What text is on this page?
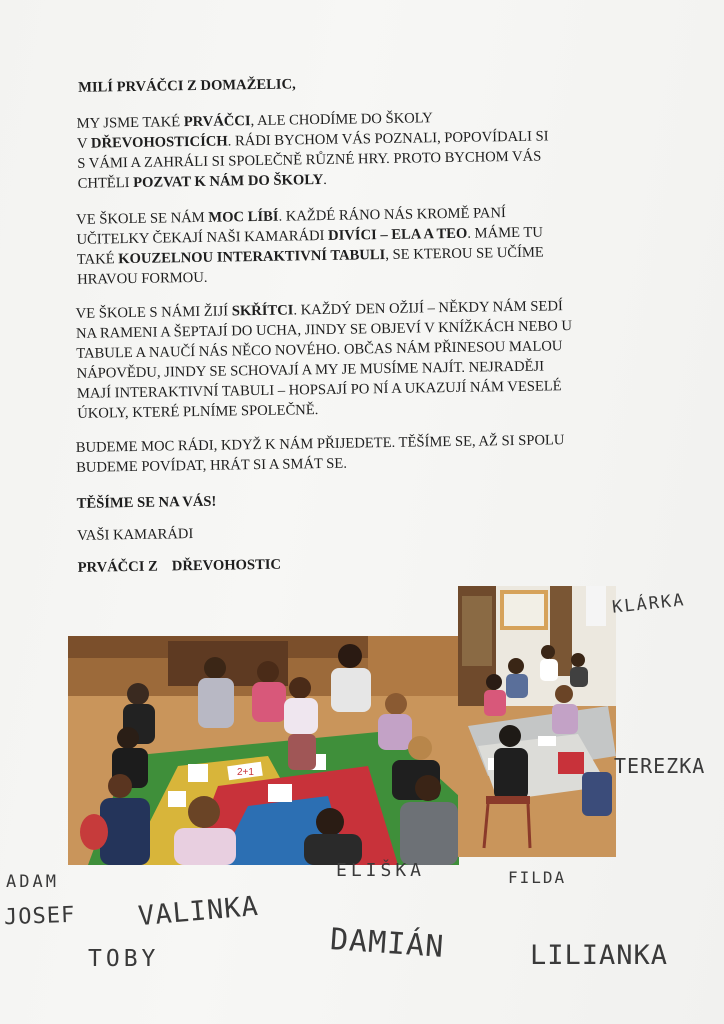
MILÍ PRVÁČCI Z DOMAŽELIC,

MY JSME TAKÉ PRVÁČCI, ALE CHODÍME DO ŠKOLY
V DŘEVOHOSTICÍCH. RÁDI BYCHOM VÁS POZNALI, POPOVÍDALI SI
S VÁMI A ZAHRÁLI SI SPOLEČNĚ RŮZNÉ HRY. PROTO BYCHOM VÁS
CHTĚLI POZVAT K NÁM DO ŠKOLY.

VE ŠKOLE SE NÁM MOC LÍBÍ. KAŽDÉ RÁNO NÁS KROMĚ PANÍ
UČITELKY ČEKAJÍ NAŠI KAMARÁDI DIVÍCI – ELA A TEO. MÁME TU
TAKÉ KOUZELNOU INTERAKTIVNÍ TABULI, SE KTEROU SE UČÍME
HRAVOU FORMOU.

VE ŠKOLE S NÁMI ŽIJÍ SKŘÍTCI. KAŽDÝ DEN OŽIJÍ – NĚKDY NÁM SEDÍ
NA RAMENI A ŠEPTAJÍ DO UCHA, JINDY SE OBJEVÍ V KNÍŽKÁCH NEBO U
TABULE A NAUČÍ NÁS NĚCO NOVÉHO. OBČAS NÁM PŘINESOU MALOU
NÁPOVĚDU, JINDY SE SCHOVAJÍ A MY JE MUSÍME NAJÍT. NEJRADĚJI
MAJÍ INTERAKTIVNÍ TABULI – HOPSAJÍ PO NÍ A UKAZUJÍ NÁM VESELÉ
ÚKOLY, KTERÉ PLNÍME SPOLEČNĚ.

BUDEME MOC RÁDI, KDYŽ K NÁM PŘIJEDETE. TĚŠÍME SE, AŽ SI SPOLU
BUDEME POVÍDAT, HRÁT SI A SMÁT SE.

TĚŠÍME SE NA VÁS!

VAŠI KAMARÁDI

PRVÁČCI Z DŘEVOHOSTIC

2+1
KLÁRKA
TEREZKA
ADAM
ELIŠKA	FILDA
JOSEF VALINKA
TOBY	DAMIÁN	LILIANKA
